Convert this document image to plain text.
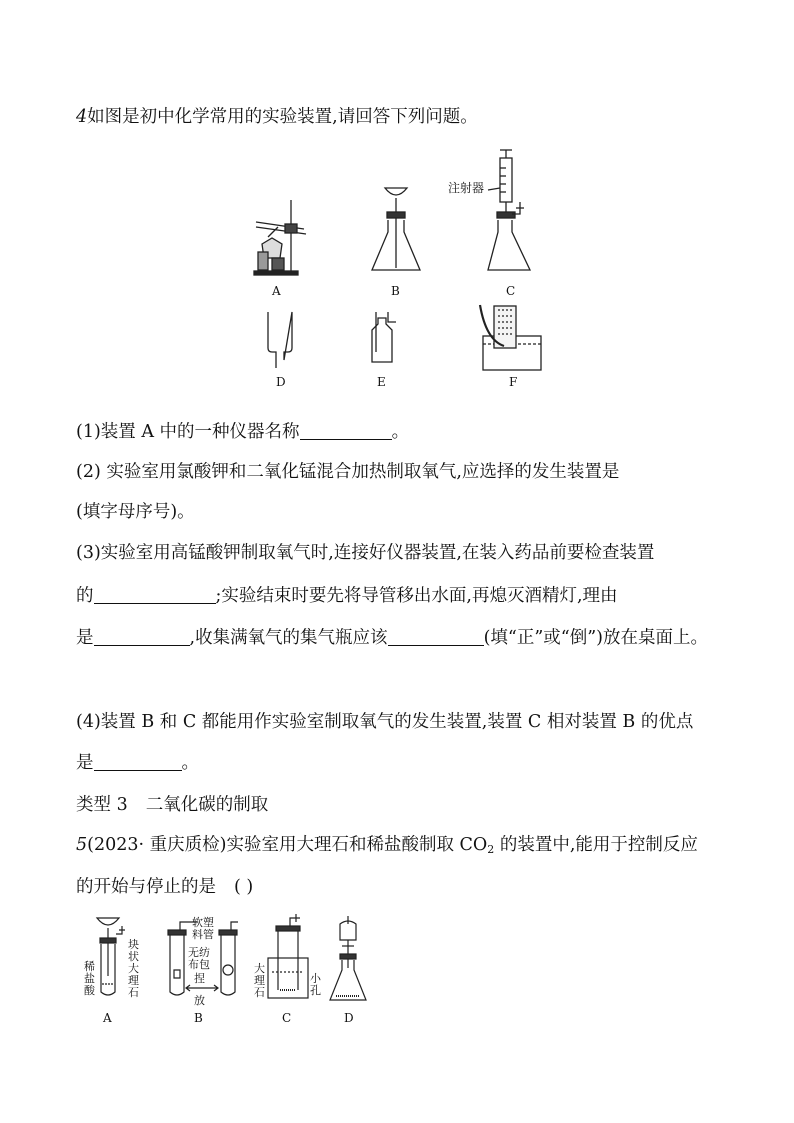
4如图是初中化学常用的实验装置,请回答下列问题。
A	B
注射器
C
D	E	F
(1)装置 A 中的一种仪器名称	。
(2) 实验室用氯酸钾和二氧化锰混合加热制取氧气,应选择的发生装置是
(填字母序号)。
(3)实验室用高锰酸钾制取氧气时,连接好仪器装置,在装入药品前要检查装置
的	;实验结束时要先将导管移出水面,再熄灭酒精灯,理由
是	,收集满氧气的集气瓶应该	(填“正”或“倒”)放在桌面上。
(4)装置 B 和 C 都能用作实验室制取氧气的发生装置,装置 C 相对装置 B 的优点
是	。
类型 3 二氧化碳的制取
5(2023· 重庆质检)实验室用大理石和稀盐酸制取 $CO_2$ 的装置中,能用于控制反应
的开始与停止的是 ( )
稀
盐
酸
块
状
大
理
石
A
软塑
料管
无纺
布包
捏
放
B
大
理
石
小
孔
C	D
